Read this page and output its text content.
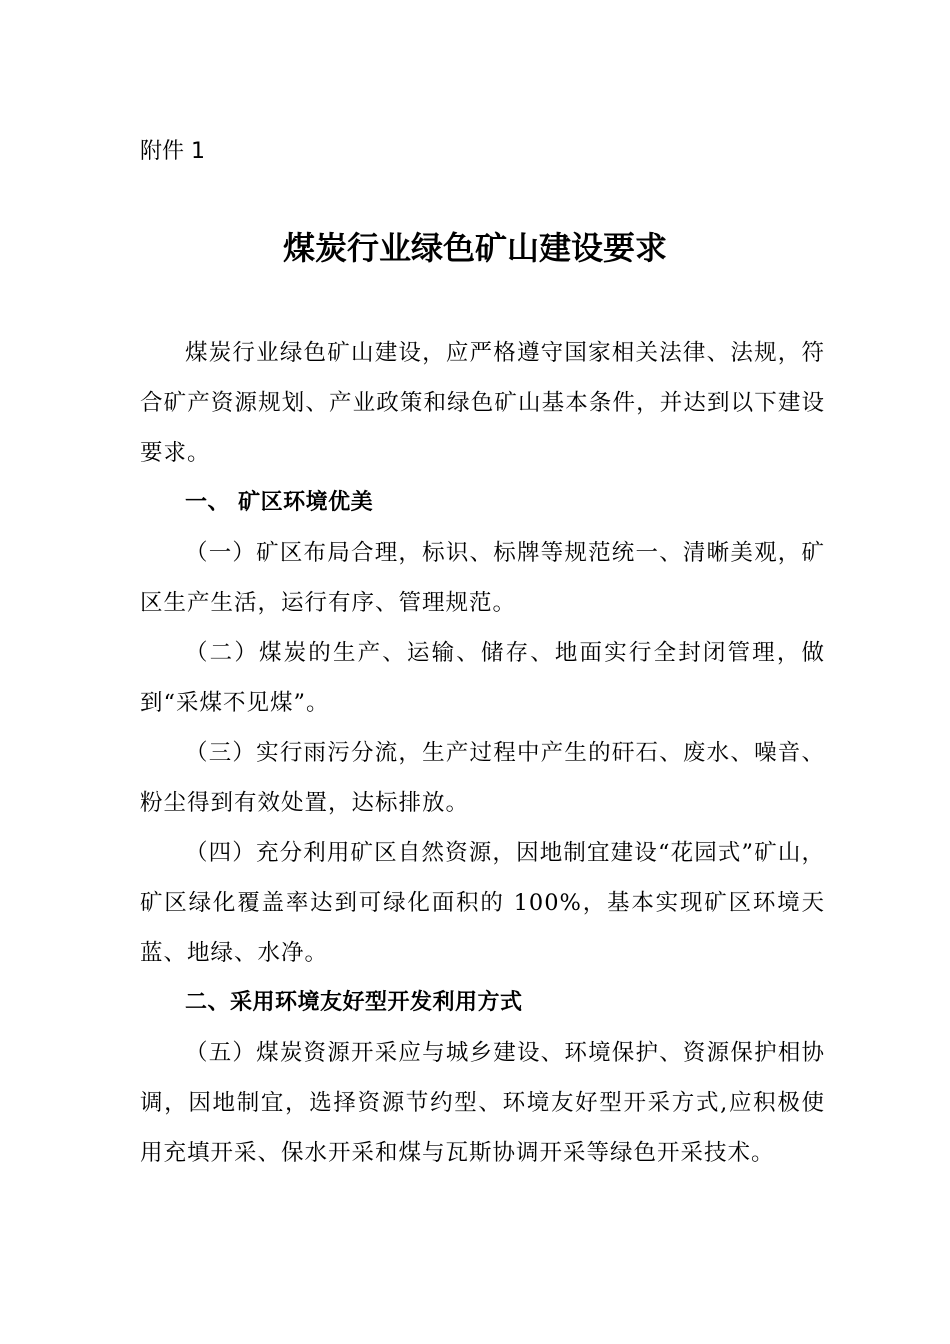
附件 1
煤炭行业绿色矿山建设要求

煤炭行业绿色矿山建设，应严格遵守国家相关法律、法规，符合矿产资源规划、产业政策和绿色矿山基本条件，并达到以下建设要求。

一、 矿区环境优美

（一）矿区布局合理，标识、标牌等规范统一、清晰美观，矿区生产生活，运行有序、管理规范。

（二）煤炭的生产、运输、储存、地面实行全封闭管理，做到“采煤不见煤”。

（三）实行雨污分流，生产过程中产生的矸石、废水、噪音、粉尘得到有效处置，达标排放。

（四）充分利用矿区自然资源，因地制宜建设“花园式”矿山，矿区绿化覆盖率达到可绿化面积的 100%，基本实现矿区环境天蓝、地绿、水净。

二、采用环境友好型开发利用方式

（五）煤炭资源开采应与城乡建设、环境保护、资源保护相协调，因地制宜，选择资源节约型、环境友好型开采方式,应积极使用充填开采、保水开采和煤与瓦斯协调开采等绿色开采技术。
